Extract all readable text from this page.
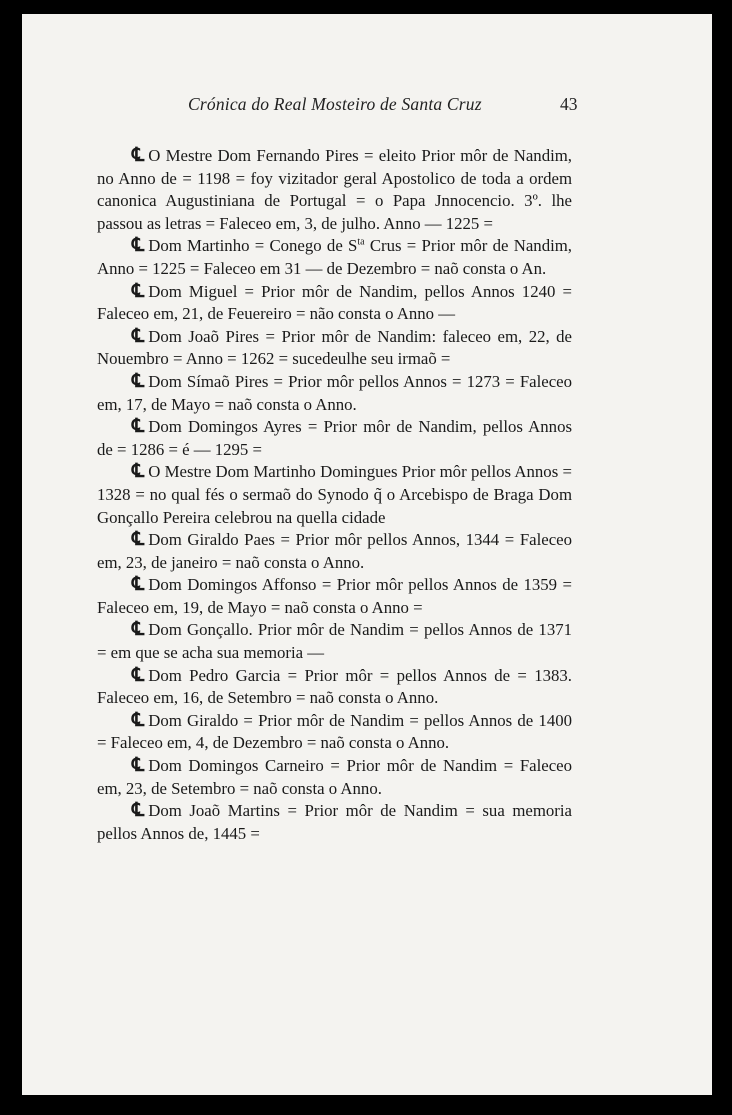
Crónica do Real Mosteiro de Santa Cruz	43

℄ O Mestre Dom Fernando Pires = eleito Prior môr de Nandim, no Anno de = 1198 = foy vizitador geral Apostolico de toda a ordem canonica Augustiniana de Portugal = o Papa Jnnocencio. 3º. lhe passou as letras = Faleceo em, 3, de julho. Anno — 1225 =

℄ Dom Martinho = Conego de $S^{ta}$ Crus = Prior môr de Nandim, Anno = 1225 = Faleceo em 31 — de Dezembro = naõ consta o An.

℄ Dom Miguel = Prior môr de Nandim, pellos Annos 1240 = Faleceo em, 21, de Feuereiro = não consta o Anno —

℄ Dom Joaõ Pires = Prior môr de Nandim: faleceo em, 22, de Nouembro = Anno = 1262 = sucedeulhe seu irmaõ =

℄ Dom Símaõ Pires = Prior môr pellos Annos = 1273 = Faleceo em, 17, de Mayo = naõ consta o Anno.

℄ Dom Domingos Ayres = Prior môr de Nandim, pellos Annos de = 1286 = é — 1295 =

℄ O Mestre Dom Martinho Domingues Prior môr pellos Annos = 1328 = no qual fés o sermaõ do Synodo q̃ o Arcebispo de Braga Dom Gonçallo Pereira celebrou na quella cidade

℄ Dom Giraldo Paes = Prior môr pellos Annos, 1344 = Faleceo em, 23, de janeiro = naõ consta o Anno.

℄ Dom Domingos Affonso = Prior môr pellos Annos de 1359 = Faleceo em, 19, de Mayo = naõ consta o Anno =

℄ Dom Gonçallo. Prior môr de Nandim = pellos Annos de 1371 = em que se acha sua memoria —

℄ Dom Pedro Garcia = Prior môr = pellos Annos de = 1383. Faleceo em, 16, de Setembro = naõ consta o Anno.

℄ Dom Giraldo = Prior môr de Nandim = pellos Annos de 1400 = Faleceo em, 4, de Dezembro = naõ consta o Anno.

℄ Dom Domingos Carneiro = Prior môr de Nandim = Faleceo em, 23, de Setembro = naõ consta o Anno.

℄ Dom Joaõ Martins = Prior môr de Nandim = sua memoria pellos Annos de, 1445 =
